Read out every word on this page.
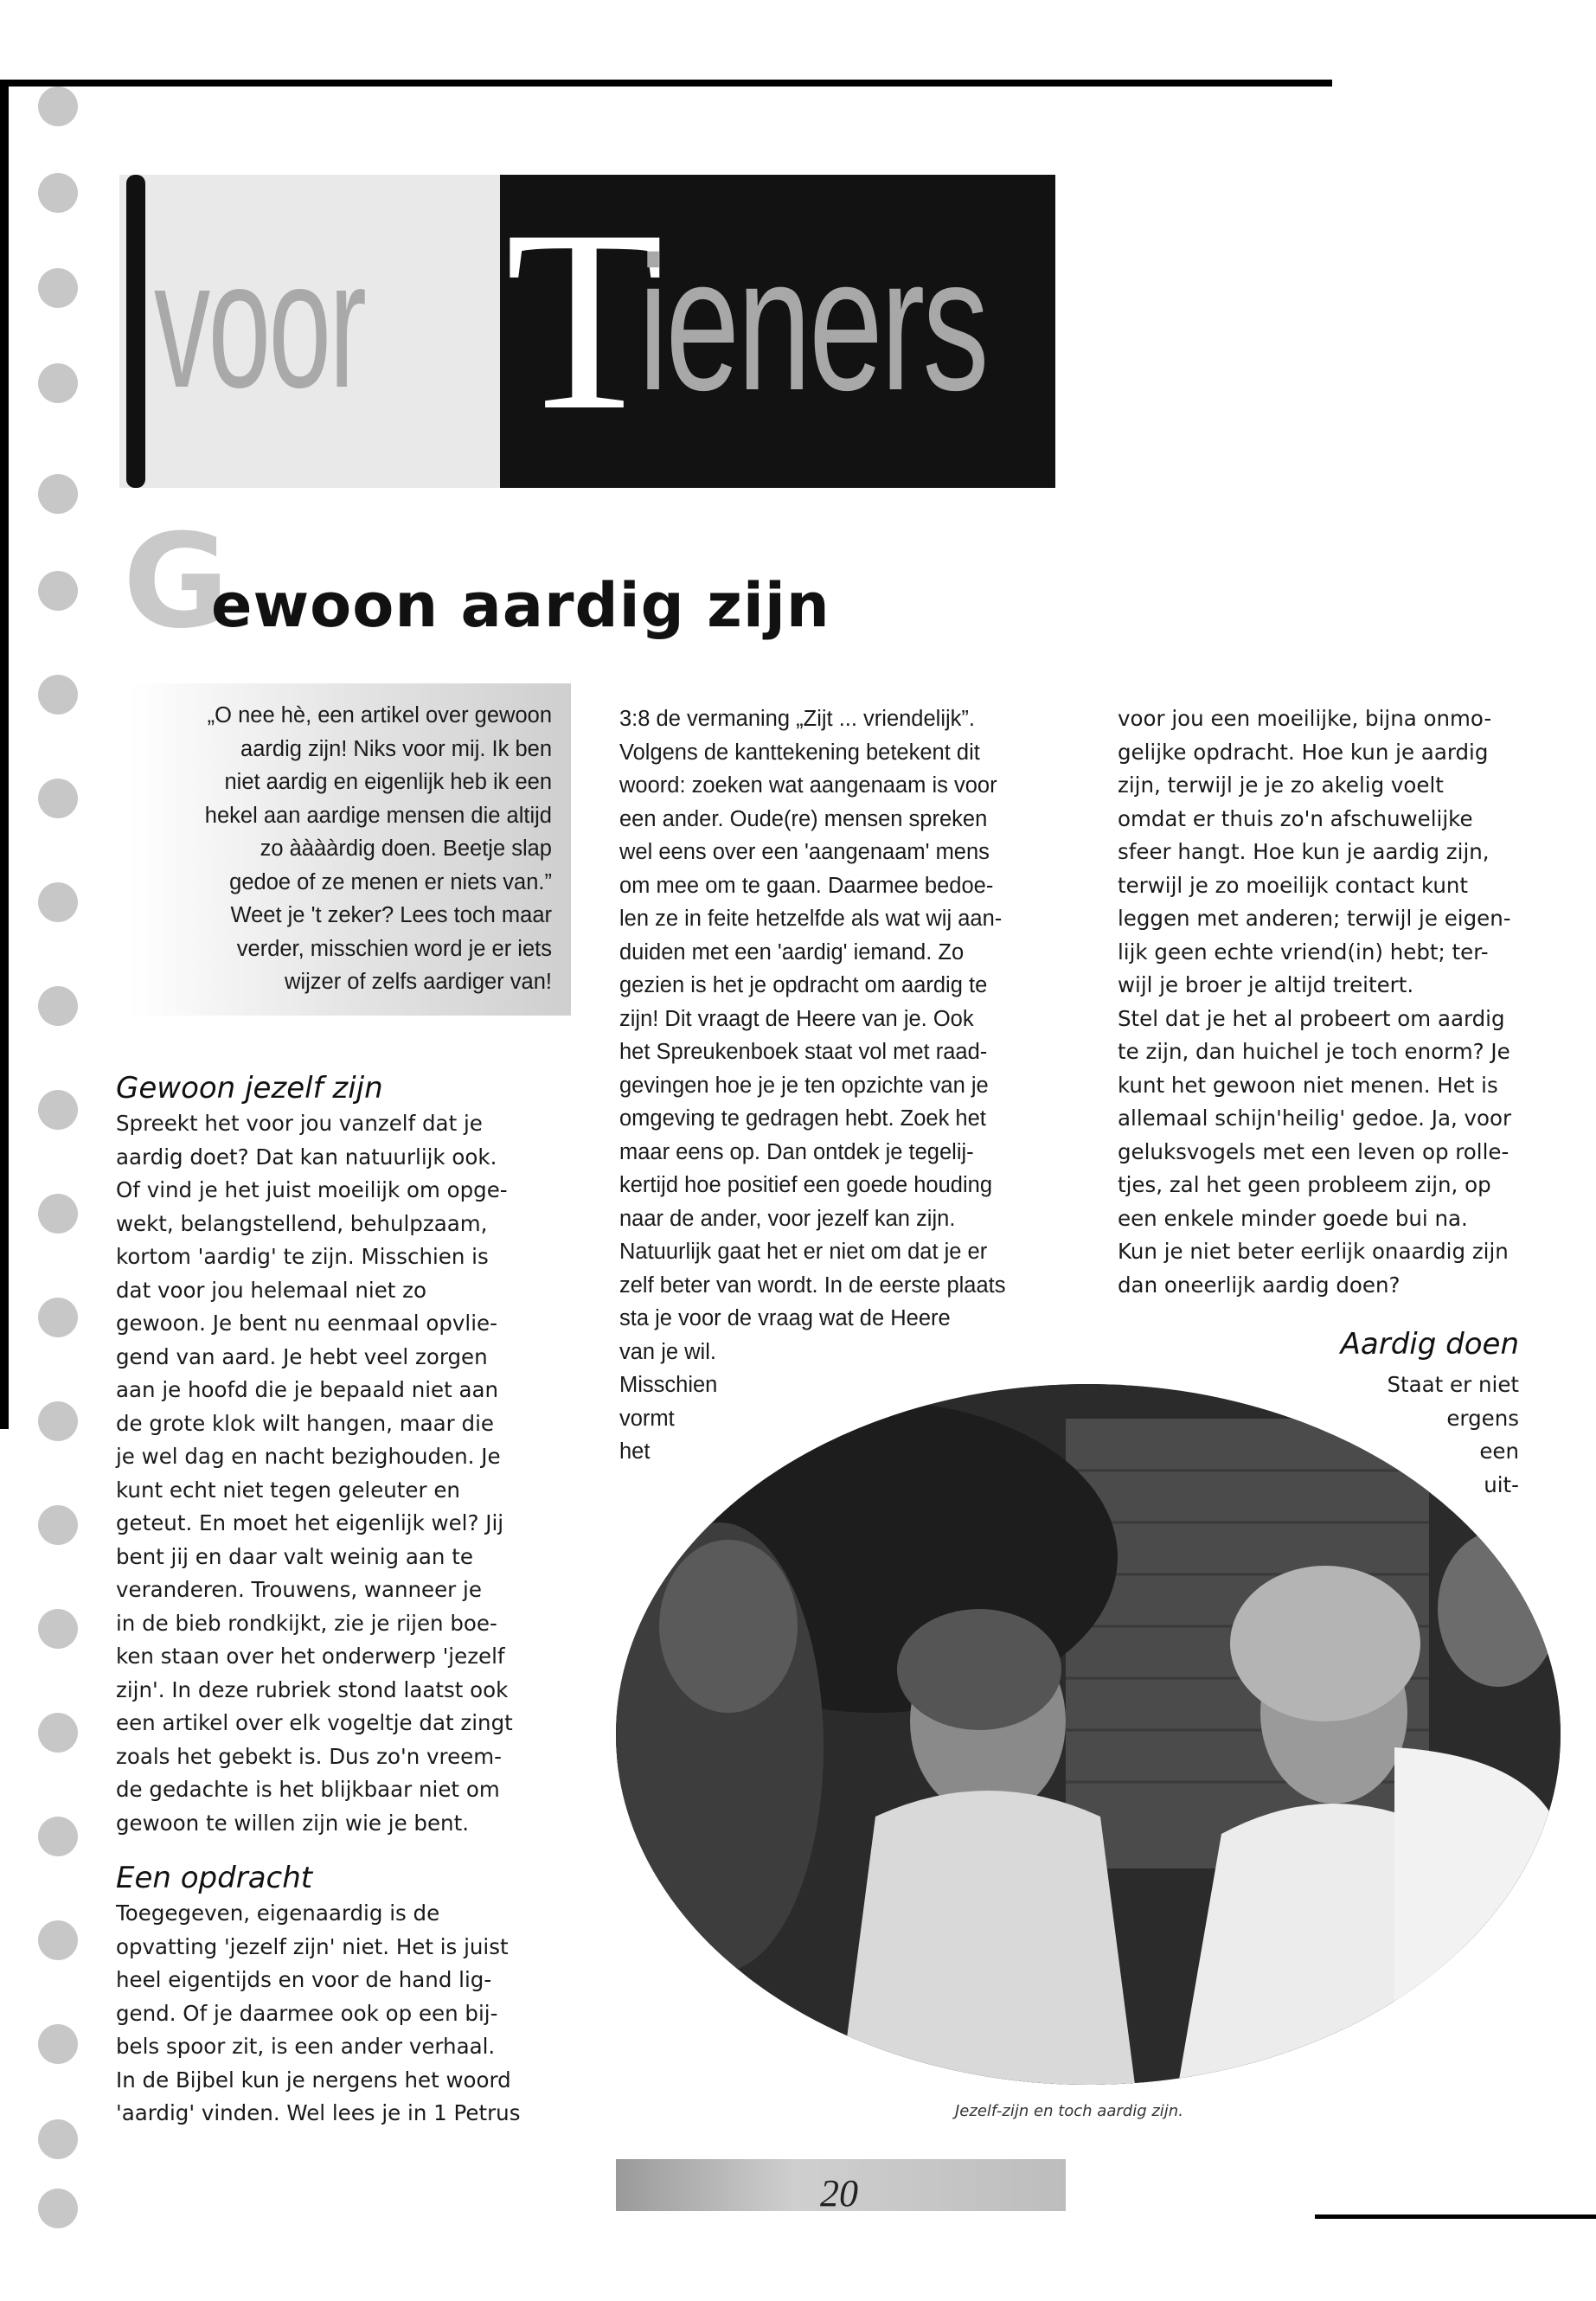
voor T
ieners
G
ewoon aardig zijn
„O nee hè, een artikel over gewoon
aardig zijn! Niks voor mij. Ik ben
niet aardig en eigenlijk heb ik een
hekel aan aardige mensen die altijd
zo ààààrdig doen. Beetje slap
gedoe of ze menen er niets van.”
Weet je 't zeker? Lees toch maar
verder, misschien word je er iets
wijzer of zelfs aardiger van!
Gewoon jezelf zijn
Spreekt het voor jou vanzelf dat je
aardig doet? Dat kan natuurlijk ook.
Of vind je het juist moeilijk om opge-
wekt, belangstellend, behulpzaam,
kortom 'aardig' te zijn. Misschien is
dat voor jou helemaal niet zo
gewoon. Je bent nu eenmaal opvlie-
gend van aard. Je hebt veel zorgen
aan je hoofd die je bepaald niet aan
de grote klok wilt hangen, maar die
je wel dag en nacht bezighouden. Je
kunt echt niet tegen geleuter en
geteut. En moet het eigenlijk wel? Jij
bent jij en daar valt weinig aan te
veranderen. Trouwens, wanneer je
in de bieb rondkijkt, zie je rijen boe-
ken staan over het onderwerp 'jezelf
zijn'. In deze rubriek stond laatst ook
een artikel over elk vogeltje dat zingt
zoals het gebekt is. Dus zo'n vreem-
de gedachte is het blijkbaar niet om
gewoon te willen zijn wie je bent.
Een opdracht
Toegegeven, eigenaardig is de
opvatting 'jezelf zijn' niet. Het is juist
heel eigentijds en voor de hand lig-
gend. Of je daarmee ook op een bij-
bels spoor zit, is een ander verhaal.
In de Bijbel kun je nergens het woord
'aardig' vinden. Wel lees je in 1 Petrus
3:8 de vermaning „Zijt ... vriendelijk”.
Volgens de kanttekening betekent dit
woord: zoeken wat aangenaam is voor
een ander. Oude(re) mensen spreken
wel eens over een 'aangenaam' mens
om mee om te gaan. Daarmee bedoe-
len ze in feite hetzelfde als wat wij aan-
duiden met een 'aardig' iemand. Zo
gezien is het je opdracht om aardig te
zijn! Dit vraagt de Heere van je. Ook
het Spreukenboek staat vol met raad-
gevingen hoe je je ten opzichte van je
omgeving te gedragen hebt. Zoek het
maar eens op. Dan ontdek je tegelij-
kertijd hoe positief een goede houding
naar de ander, voor jezelf kan zijn.
Natuurlijk gaat het er niet om dat je er
zelf beter van wordt. In de eerste plaats
sta je voor de vraag wat de Heere
van je wil.
Misschien
vormt
het
voor jou een moeilijke, bijna onmo-
gelijke opdracht. Hoe kun je aardig
zijn, terwijl je je zo akelig voelt
omdat er thuis zo'n afschuwelijke
sfeer hangt. Hoe kun je aardig zijn,
terwijl je zo moeilijk contact kunt
leggen met anderen; terwijl je eigen-
lijk geen echte vriend(in) hebt; ter-
wijl je broer je altijd treitert.
Stel dat je het al probeert om aardig
te zijn, dan huichel je toch enorm? Je
kunt het gewoon niet menen. Het is
allemaal schijn'heilig' gedoe. Ja, voor
geluksvogels met een leven op rolle-
tjes, zal het geen probleem zijn, op
een enkele minder goede bui na.
Kun je niet beter eerlijk onaardig zijn
dan oneerlijk aardig doen?
Aardig doen
Staat er niet
ergens
een
uit-
Jezelf-zijn en toch aardig zijn.
20
